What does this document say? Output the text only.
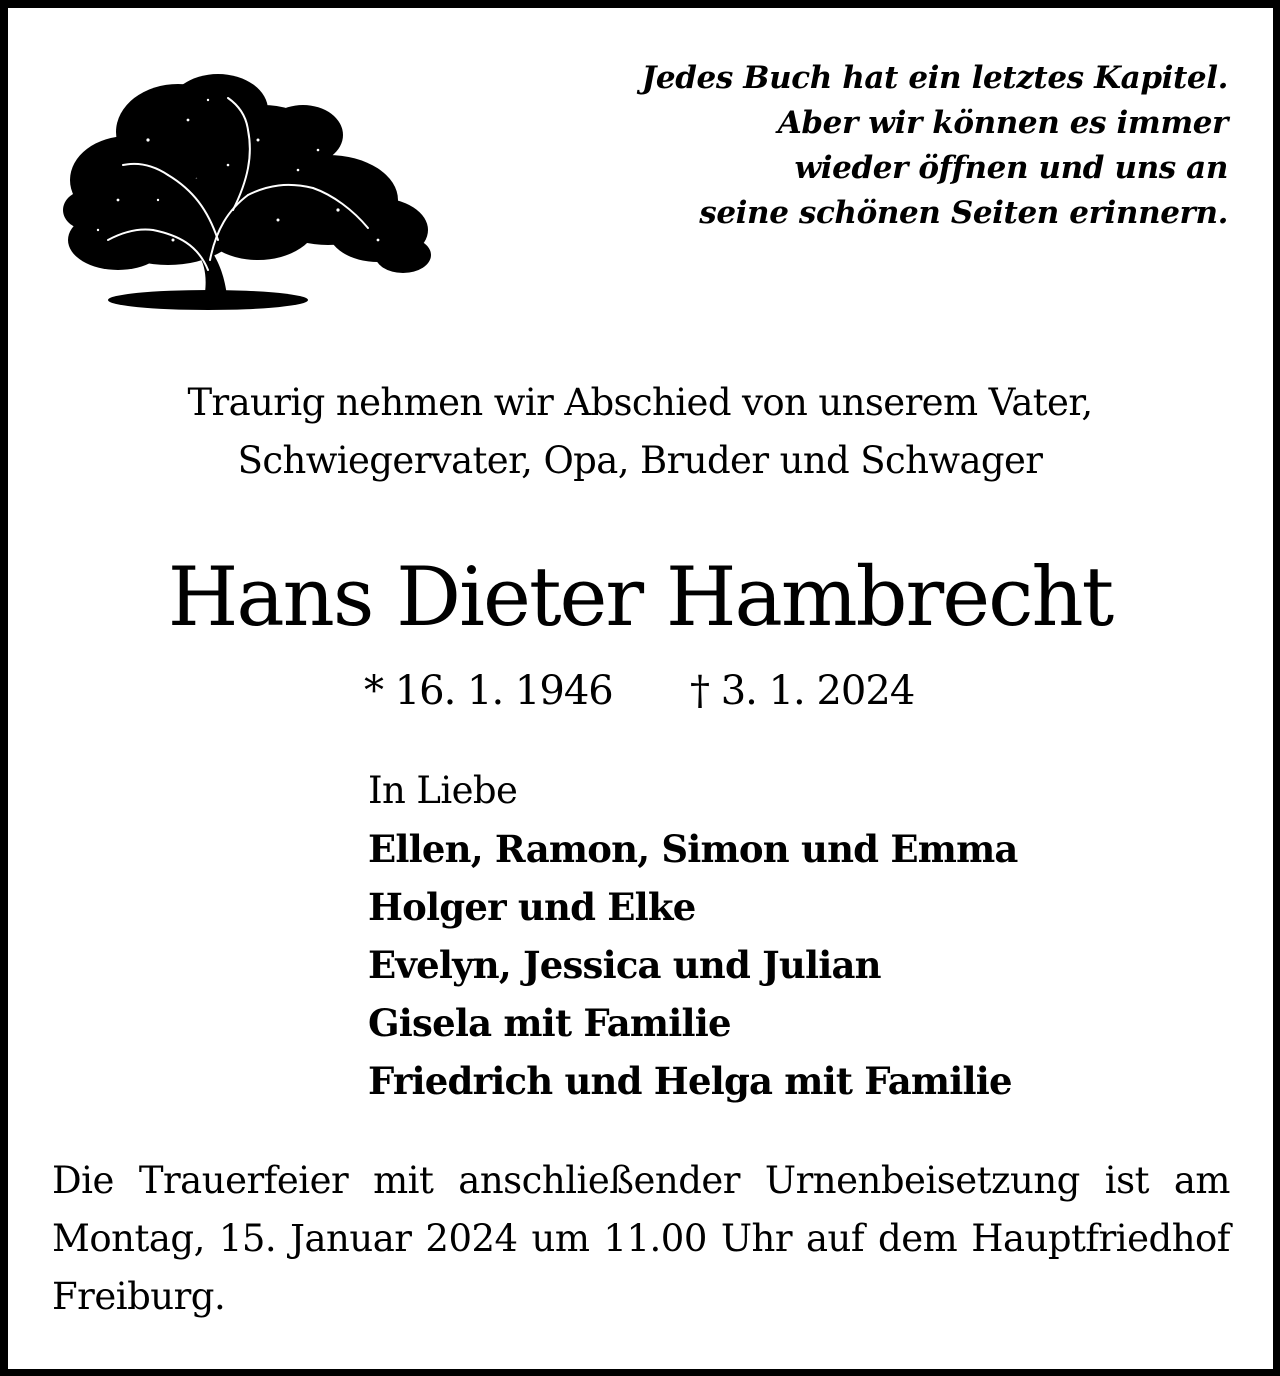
Jedes Buch hat ein letztes Kapitel.
Aber wir können es immer
wieder öffnen und uns an
seine schönen Seiten erinnern.
Traurig nehmen wir Abschied von unserem Vater,
Schwiegervater, Opa, Bruder und Schwager
Hans Dieter Hambrecht
* 16. 1. 1946 † 3. 1. 2024
In Liebe
Ellen, Ramon, Simon und Emma
Holger und Elke
Evelyn, Jessica und Julian
Gisela mit Familie
Friedrich und Helga mit Familie
Die Trauerfeier mit anschließender Urnenbeisetzung ist am
Montag, 15. Januar 2024 um 11.00 Uhr auf dem Hauptfriedhof
Freiburg.
